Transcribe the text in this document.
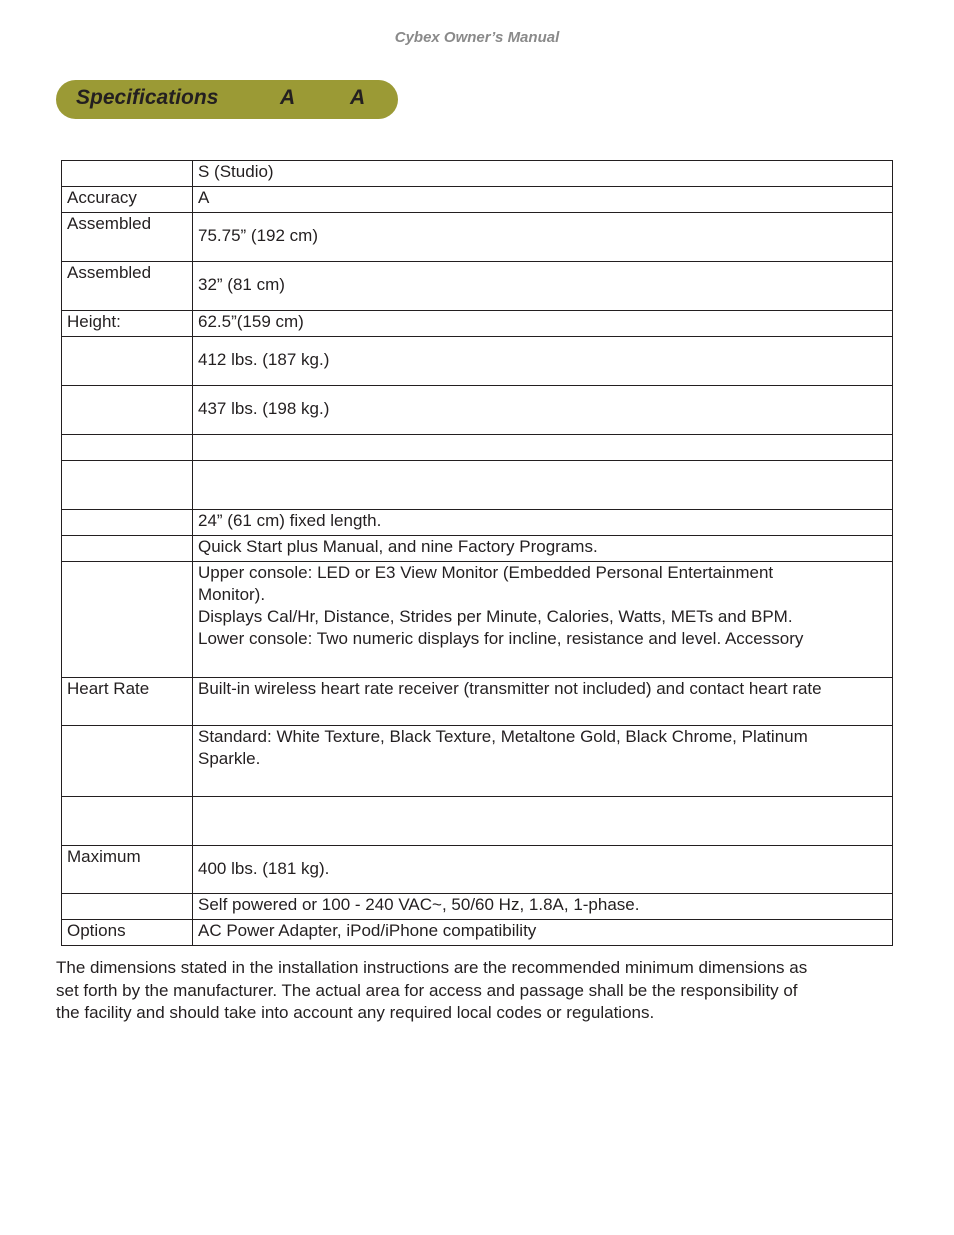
Cybex Owner’s Manual
Specifications	A	A
	S (Studio)
Accuracy	A
Assembled	75.75” (192 cm)
Assembled	32” (81 cm)
Height:	62.5”(159 cm)
	412 lbs. (187 kg.)
	437 lbs. (198 kg.)

	24” (61 cm) fixed length.
	Quick Start plus Manual, and nine Factory Programs.

	Upper console: LED or E3 View Monitor (Embedded Personal Entertainment
Monitor).
Displays Cal/Hr, Distance, Strides per Minute, Calories, Watts, METs and BPM.
Lower console: Two numeric displays for incline, resistance and level. Accessory

Heart Rate	Built-in wireless heart rate receiver (transmitter not included) and contact heart rate

	Standard: White Texture, Black Texture, Metaltone Gold, Black Chrome, Platinum
Sparkle.

Maximum	400 lbs. (181 kg).
	Self powered or 100 - 240 VAC~, 50/60 Hz, 1.8A, 1-phase.
Options	AC Power Adapter, iPod/iPhone compatibility
The dimensions stated in the installation instructions are the recommended minimum dimensions as
set forth by the manufacturer. The actual area for access and passage shall be the responsibility of
the facility and should take into account any required local codes or regulations.
